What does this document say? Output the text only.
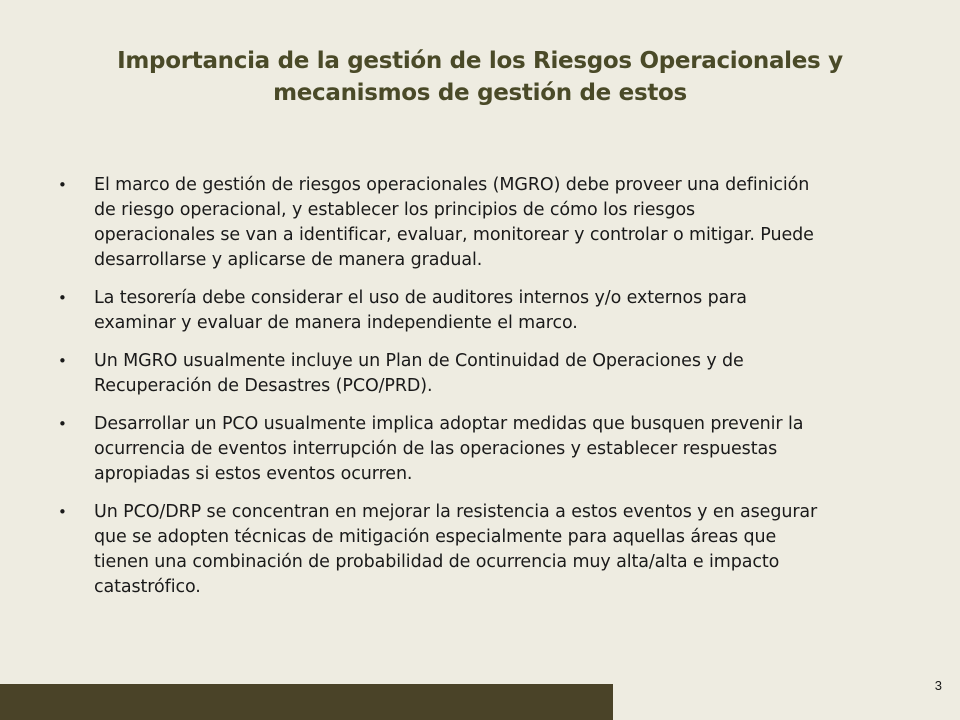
Importancia de la gestión de los Riesgos Operacionales y
mecanismos de gestión de estos
• El marco de gestión de riesgos operacionales (MGRO) debe proveer una definición
de riesgo operacional, y establecer los principios de cómo los riesgos
operacionales se van a identificar, evaluar, monitorear y controlar o mitigar. Puede
desarrollarse y aplicarse de manera gradual.
• La tesorería debe considerar el uso de auditores internos y/o externos para
examinar y evaluar de manera independiente el marco.
• Un MGRO usualmente incluye un Plan de Continuidad de Operaciones y de
Recuperación de Desastres (PCO/PRD).
• Desarrollar un PCO usualmente implica adoptar medidas que busquen prevenir la
ocurrencia de eventos interrupción de las operaciones y establecer respuestas
apropiadas si estos eventos ocurren.
• Un PCO/DRP se concentran en mejorar la resistencia a estos eventos y en asegurar
que se adopten técnicas de mitigación especialmente para aquellas áreas que
tienen una combinación de probabilidad de ocurrencia muy alta/alta e impacto
catastrófico.
3
